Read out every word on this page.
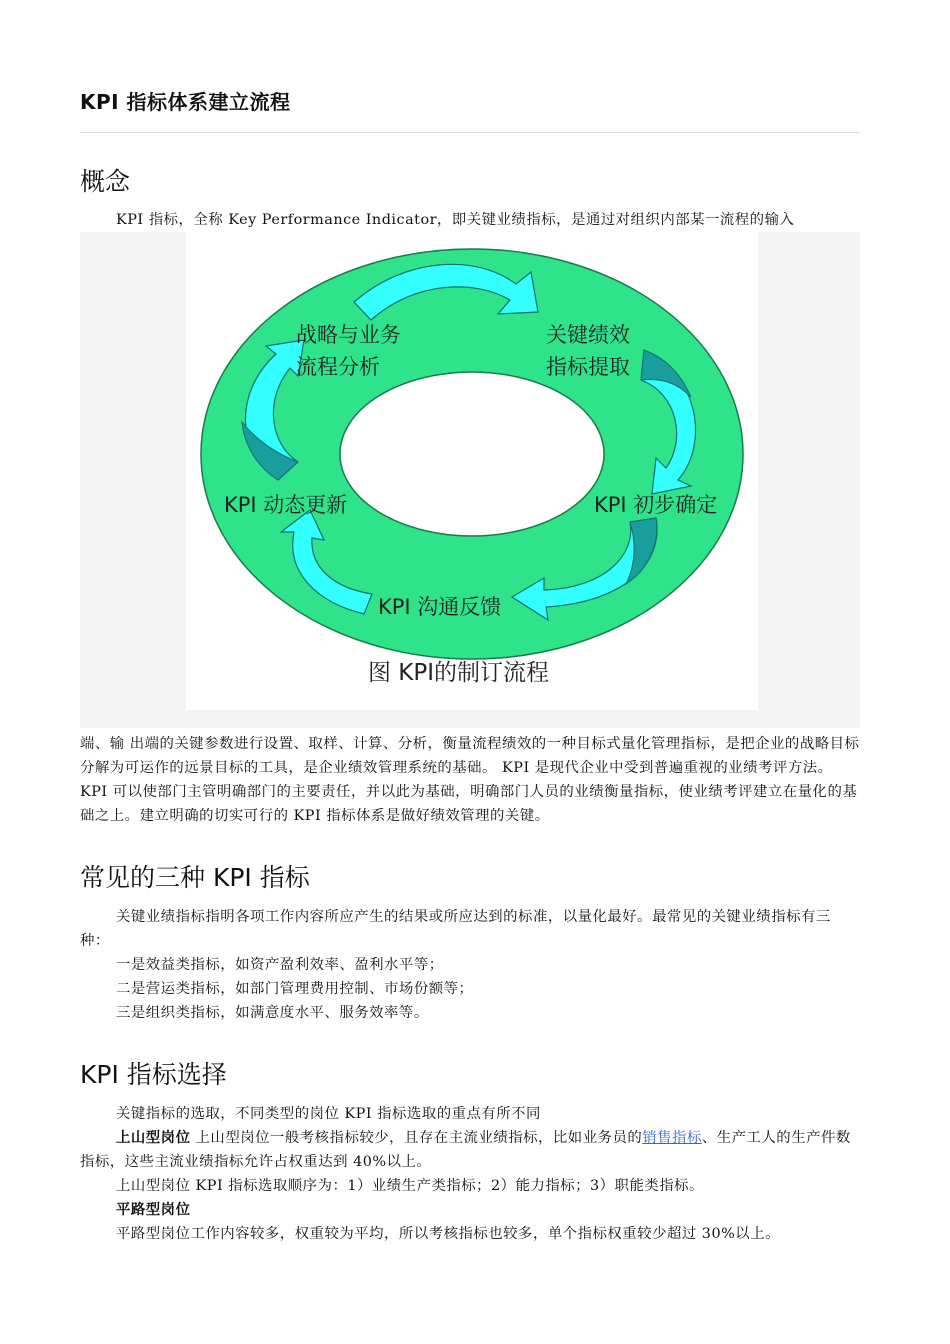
KPI 指标体系建立流程
概念

KPI 指标，全称 Key Performance Indicator，即关键业绩指标，是通过对组织内部某一流程的输入

战略与业务
流程分析
关键绩效
指标提取
KPI 初步确定
KPI 沟通反馈
KPI 动态更新
图 KPI的制订流程

端、输 出端的关键参数进行设置、取样、计算、分析，衡量流程绩效的一种目标式量化管理指标，是把企业的战略目标分解为可运作的远景目标的工具，是企业绩效管理系统的基础。 KPI 是现代企业中受到普遍重视的业绩考评方法。KPI 可以使部门主管明确部门的主要责任，并以此为基础，明确部门人员的业绩衡量指标，使业绩考评建立在量化的基础之上。建立明确的切实可行的 KPI 指标体系是做好绩效管理的关键。

常见的三种 KPI 指标

关键业绩指标指明各项工作内容所应产生的结果或所应达到的标准，以量化最好。最常见的关键业绩指标有三种：

一是效益类指标，如资产盈利效率、盈利水平等；

二是营运类指标，如部门管理费用控制、市场份额等；

三是组织类指标，如满意度水平、服务效率等。

KPI 指标选择

关键指标的选取，不同类型的岗位 KPI 指标选取的重点有所不同

上山型岗位 上山型岗位一般考核指标较少，且存在主流业绩指标，比如业务员的销售指标、生产工人的生产件数指标，这些主流业绩指标允许占权重达到 40%以上。

上山型岗位 KPI 指标选取顺序为：1）业绩生产类指标；2）能力指标；3）职能类指标。

平路型岗位

平路型岗位工作内容较多，权重较为平均，所以考核指标也较多，单个指标权重较少超过 30%以上。
